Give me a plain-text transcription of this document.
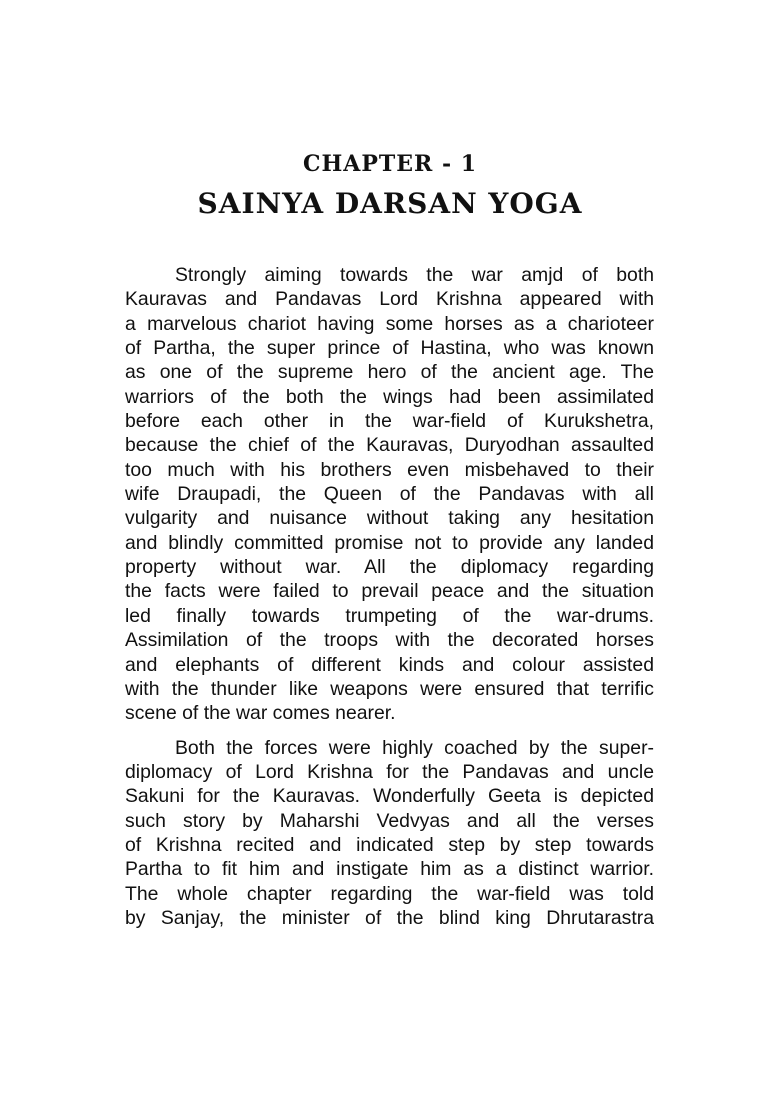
CHAPTER - 1
SAINYA DARSAN YOGA
Strongly aiming towards the war amjd of both
Kauravas and Pandavas Lord Krishna appeared with
a marvelous chariot having some horses as a charioteer
of Partha, the super prince of Hastina, who was known
as one of the supreme hero of the ancient age. The
warriors of the both the wings had been assimilated
before each other in the war-field of Kurukshetra,
because the chief of the Kauravas, Duryodhan assaulted
too much with his brothers even misbehaved to their
wife Draupadi, the Queen of the Pandavas with all
vulgarity and nuisance without taking any hesitation
and blindly committed promise not to provide any landed
property without war. All the diplomacy regarding
the facts were failed to prevail peace and the situation
led finally towards trumpeting of the war-drums.
Assimilation of the troops with the decorated horses
and elephants of different kinds and colour assisted
with the thunder like weapons were ensured that terrific
scene of the war comes nearer.
Both the forces were highly coached by the super-
diplomacy of Lord Krishna for the Pandavas and uncle
Sakuni for the Kauravas. Wonderfully Geeta is depicted
such story by Maharshi Vedvyas and all the verses
of Krishna recited and indicated step by step towards
Partha to fit him and instigate him as a distinct warrior.
The whole chapter regarding the war-field was told
by Sanjay, the minister of the blind king Dhrutarastra
